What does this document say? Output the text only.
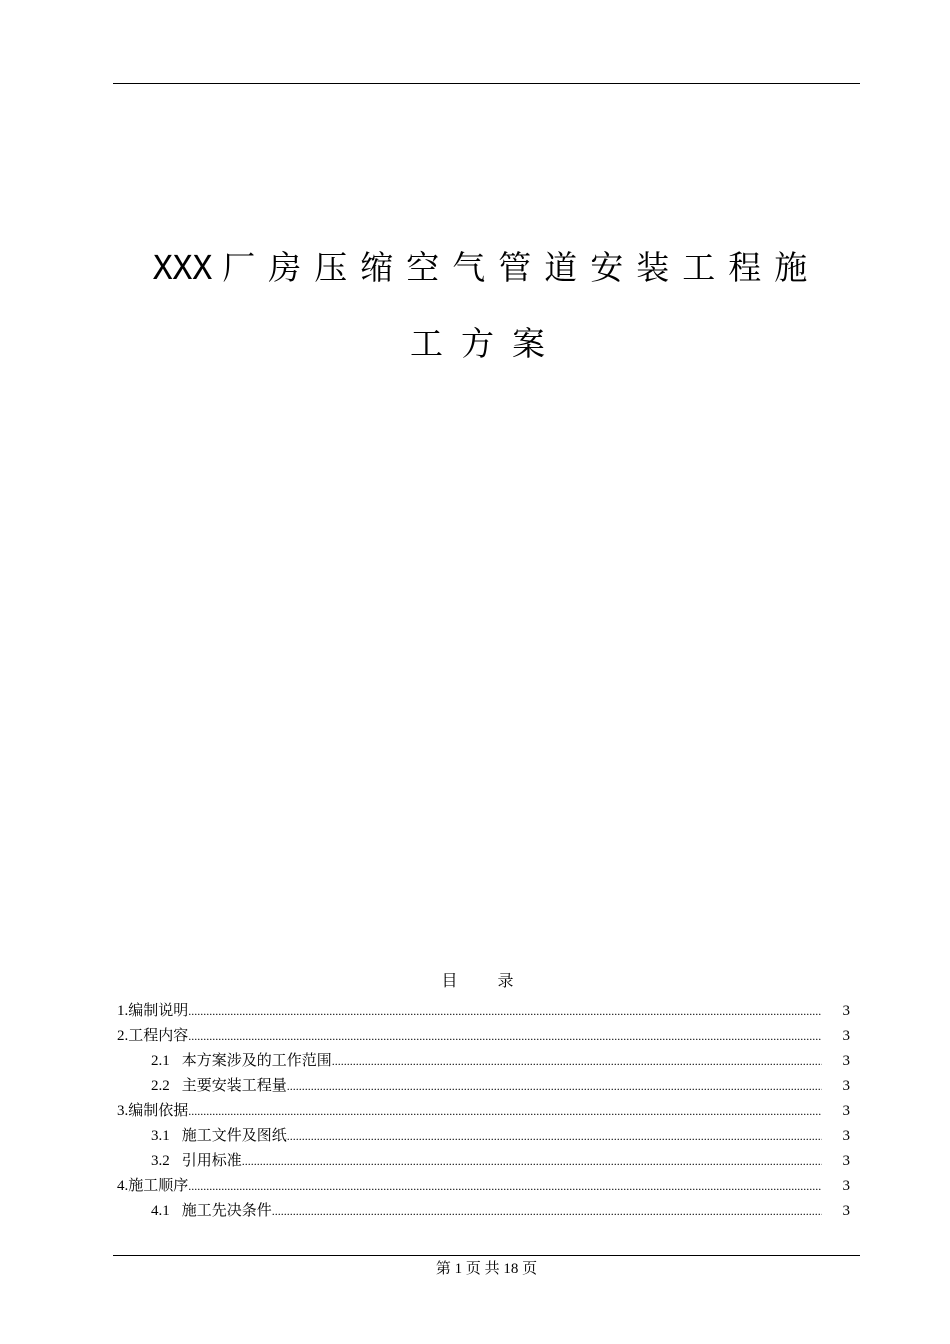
XXX 厂房压缩空气管道安装工程施
工方案
目 录
1. 编制说明 .....	3
2. 工程内容 .....	3
2.1 本方案涉及的工作范围 .....	3
2.2 主要安装工程量 .....	3
3. 编制依据 .....	3
3.1 施工文件及图纸 .....	3
3.2 引用标准 .....	3
4. 施工顺序 .....	3
4.1 施工先决条件 .....	3
第 1 页 共 18 页
